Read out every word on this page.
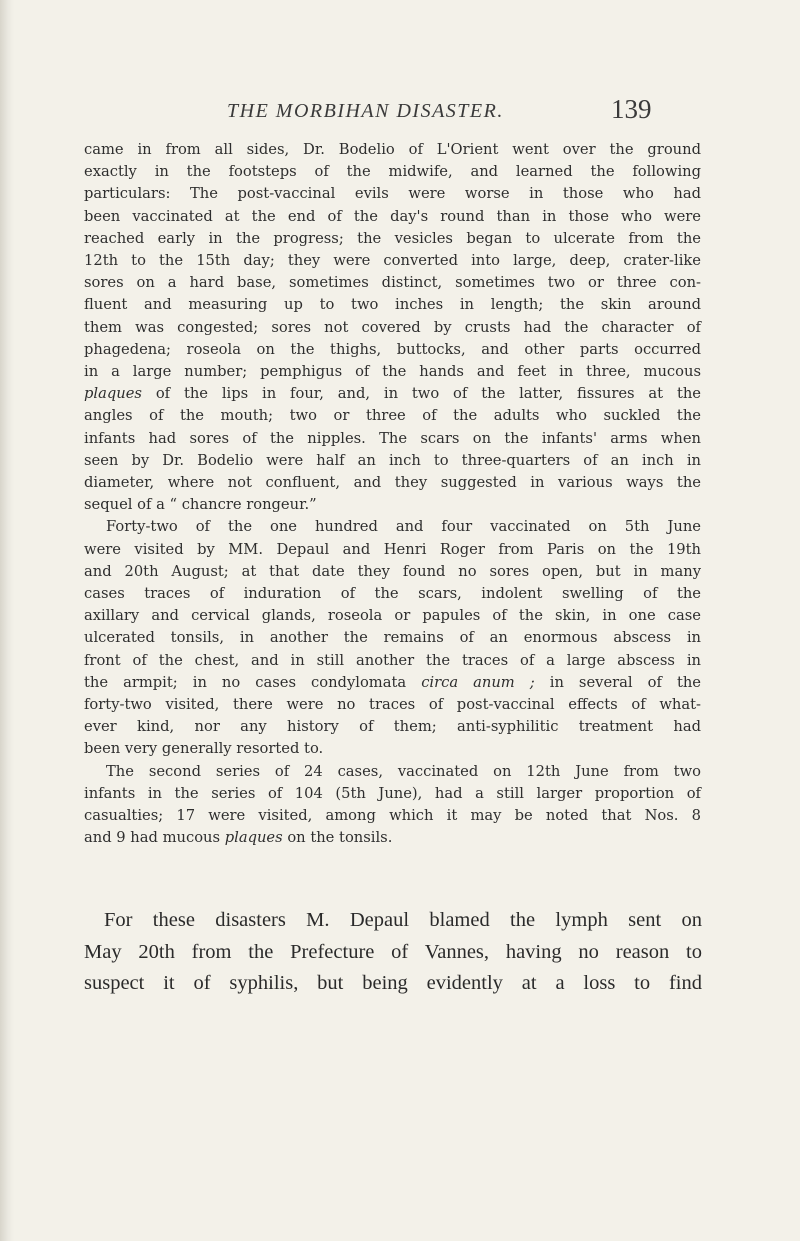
THE MORBIHAN DISASTER.	139
came in from all sides, Dr. Bodelio of L'Orient went over the ground
exactly in the footsteps of the midwife, and learned the following
particulars: The post-vaccinal evils were worse in those who had
been vaccinated at the end of the day's round than in those who were
reached early in the progress; the vesicles began to ulcerate from the
12th to the 15th day; they were converted into large, deep, crater-like
sores on a hard base, sometimes distinct, sometimes two or three con-
fluent and measuring up to two inches in length; the skin around
them was congested; sores not covered by crusts had the character of
phagedena; roseola on the thighs, buttocks, and other parts occurred
in a large number; pemphigus of the hands and feet in three, mucous
plaques of the lips in four, and, in two of the latter, fissures at the
angles of the mouth; two or three of the adults who suckled the
infants had sores of the nipples. The scars on the infants' arms when
seen by Dr. Bodelio were half an inch to three-quarters of an inch in
diameter, where not confluent, and they suggested in various ways the
sequel of a “ chancre rongeur.”
Forty-two of the one hundred and four vaccinated on 5th June
were visited by MM. Depaul and Henri Roger from Paris on the 19th
and 20th August; at that date they found no sores open, but in many
cases traces of induration of the scars, indolent swelling of the
axillary and cervical glands, roseola or papules of the skin, in one case
ulcerated tonsils, in another the remains of an enormous abscess in
front of the chest, and in still another the traces of a large abscess in
the armpit; in no cases condylomata circa anum ; in several of the
forty-two visited, there were no traces of post-vaccinal effects of what-
ever kind, nor any history of them; anti-syphilitic treatment had
been very generally resorted to.
The second series of 24 cases, vaccinated on 12th June from two
infants in the series of 104 (5th June), had a still larger proportion of
casualties; 17 were visited, among which it may be noted that Nos. 8
and 9 had mucous plaques on the tonsils.
For these disasters M. Depaul blamed the lymph sent on
May 20th from the Prefecture of Vannes, having no reason to
suspect it of syphilis, but being evidently at a loss to find
